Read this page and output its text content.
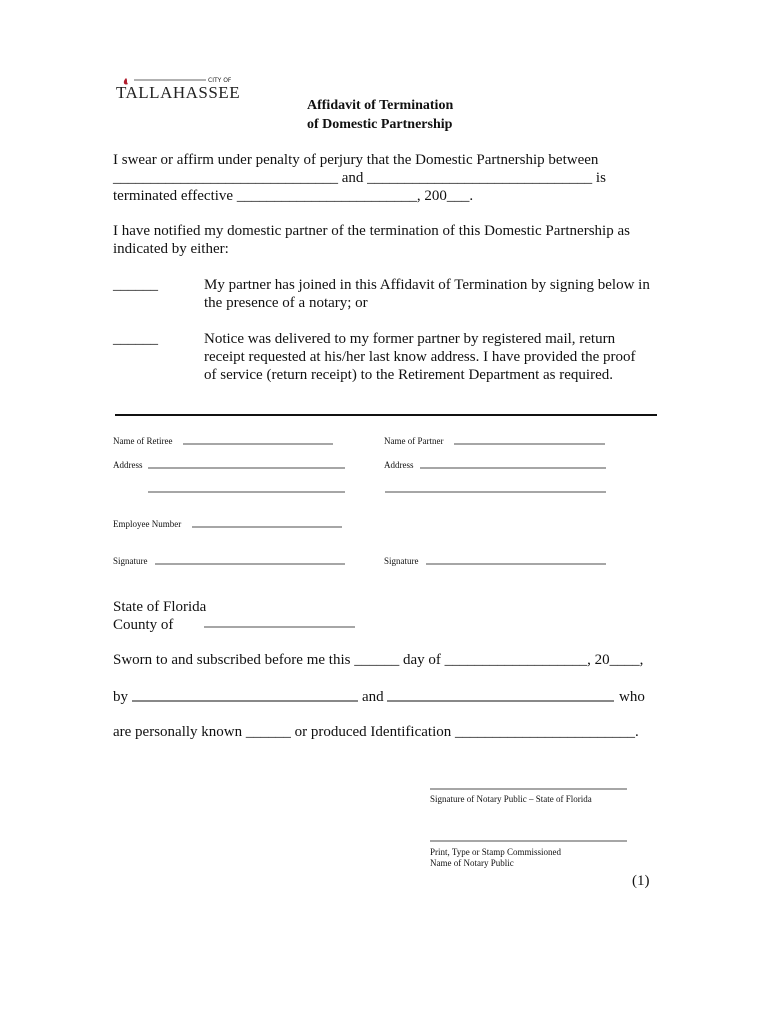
CITY OF
TALLAHASSEE
Affidavit of Termination
of Domestic Partnership
I swear or affirm under penalty of perjury that the Domestic Partnership between
______________________________ and ______________________________ is
terminated effective ________________________, 200___.
I have notified my domestic partner of the termination of this Domestic Partnership as
indicated by either:
______	My partner has joined in this Affidavit of Termination by signing below in
the presence of a notary; or
______	Notice was delivered to my former partner by registered mail, return
receipt requested at his/her last know address. I have provided the proof
of service (return receipt) to the Retirement Department as required.
Name of Retiree	Name of Partner
Address	Address
Employee Number
Signature	Signature
State of Florida
County of
Sworn to and subscribed before me this ______ day of ___________________, 20____,
by	and	who
are personally known ______ or produced Identification ________________________.
Signature of Notary Public – State of Florida
Print, Type or Stamp Commissioned
Name of Notary Public
(1)
